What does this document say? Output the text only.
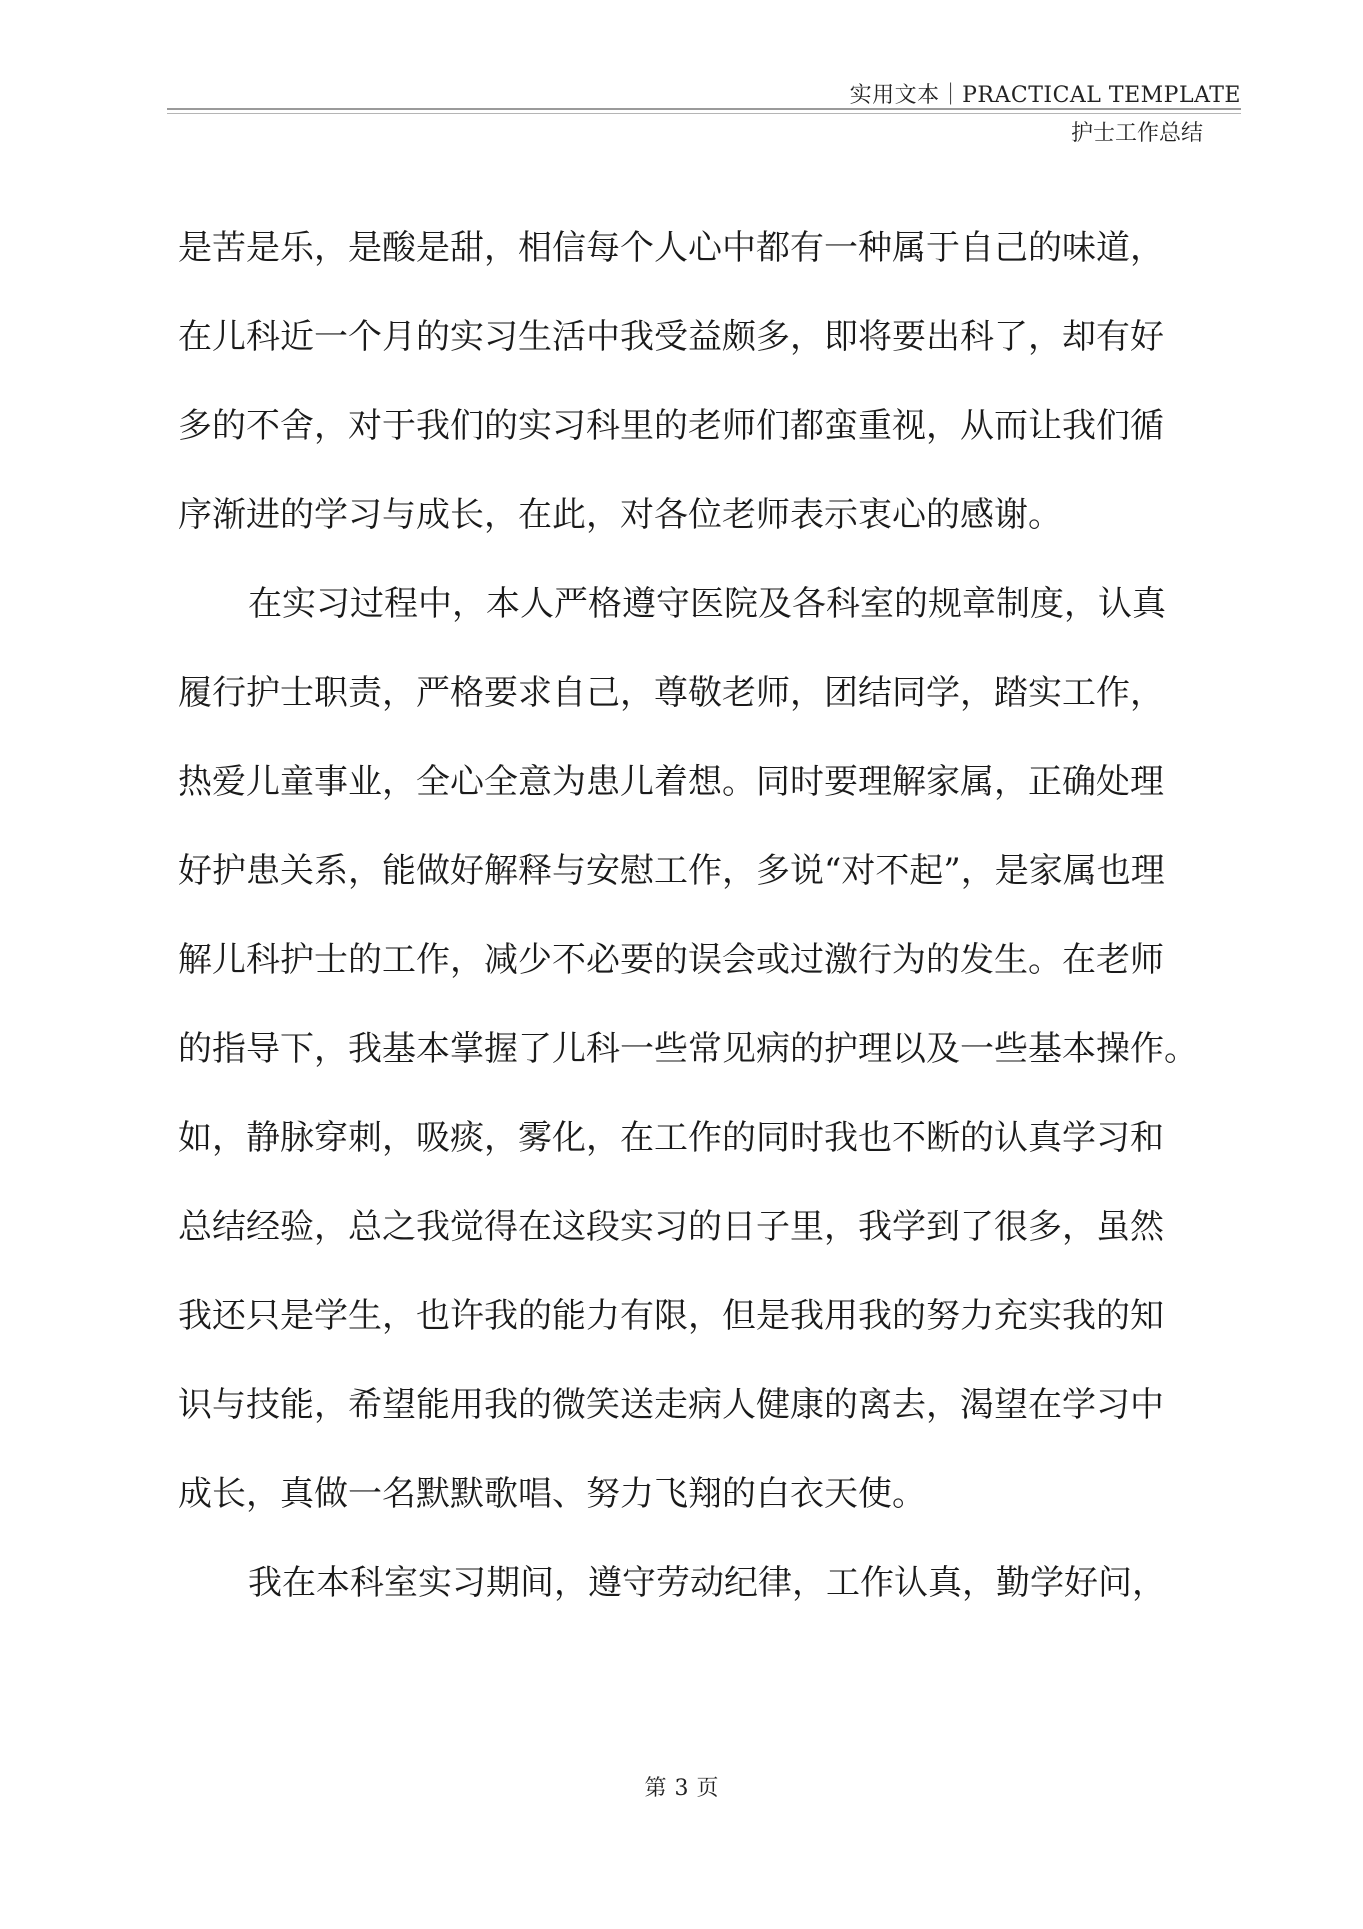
实用文本｜PRACTICAL TEMPLATE
护士工作总结
是苦是乐，是酸是甜，相信每个人心中都有一种属于自己的味道，
在儿科近一个月的实习生活中我受益颇多，即将要出科了，却有好
多的不舍，对于我们的实习科里的老师们都蛮重视，从而让我们循
序渐进的学习与成长，在此，对各位老师表示衷心的感谢。
在实习过程中，本人严格遵守医院及各科室的规章制度，认真
履行护士职责，严格要求自己，尊敬老师，团结同学，踏实工作，
热爱儿童事业，全心全意为患儿着想。同时要理解家属，正确处理
好护患关系，能做好解释与安慰工作，多说“对不起”，是家属也理
解儿科护士的工作，减少不必要的误会或过激行为的发生。在老师
的指导下，我基本掌握了儿科一些常见病的护理以及一些基本操作。
如，静脉穿刺，吸痰，雾化，在工作的同时我也不断的认真学习和
总结经验，总之我觉得在这段实习的日子里，我学到了很多，虽然
我还只是学生，也许我的能力有限，但是我用我的努力充实我的知
识与技能，希望能用我的微笑送走病人健康的离去，渴望在学习中
成长，真做一名默默歌唱、努力飞翔的白衣天使。
我在本科室实习期间，遵守劳动纪律，工作认真，勤学好问，
第 3 页
